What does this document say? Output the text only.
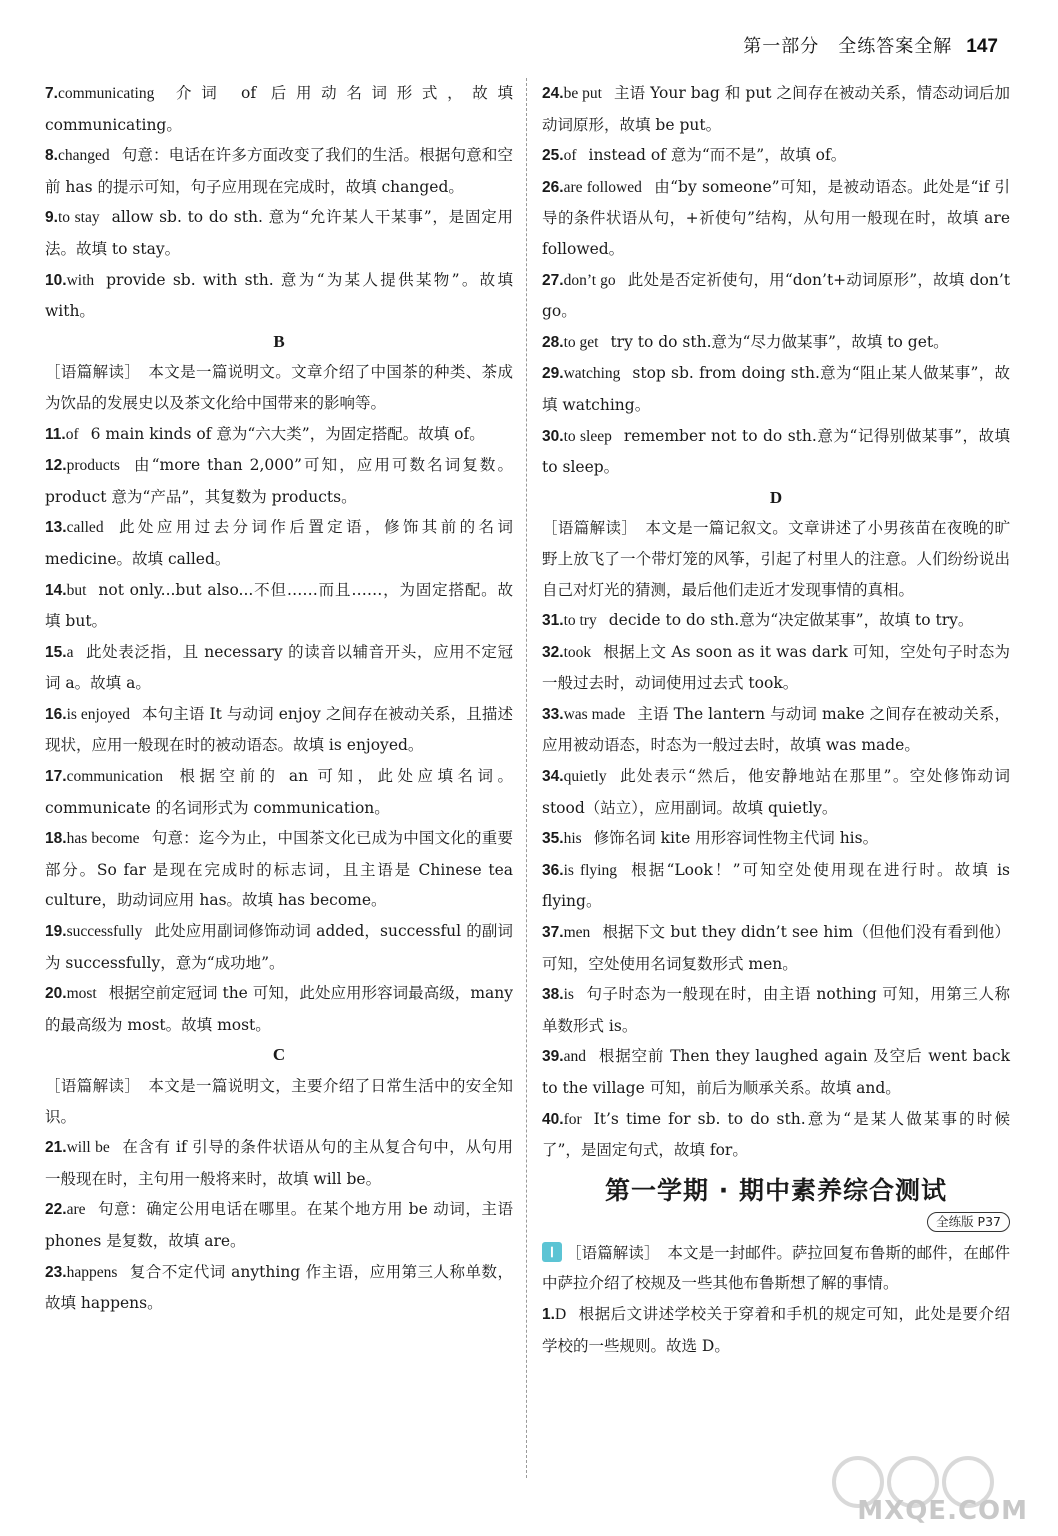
第一部分　全练答案全解 147
7.communicating 介词 of 后用动名词形式，故填 communicating。
8.changed 句意：电话在许多方面改变了我们的生活。根据句意和空前 has 的提示可知，句子应用现在完成时，故填 changed。
9.to stay allow sb. to do sth. 意为“允许某人干某事”，是固定用法。故填 to stay。
10.with provide sb. with sth. 意为“为某人提供某物”。故填 with。
B
［语篇解读］　 本文是一篇说明文。文章介绍了中国茶的种类、茶成为饮品的发展史以及茶文化给中国带来的影响等。
11.of 6 main kinds of 意为“六大类”，为固定搭配。故填 of。
12.products 由“more than 2,000”可知，应用可数名词复数。product 意为“产品”，其复数为 products。
13.called 此处应用过去分词作后置定语，修饰其前的名词 medicine。故填 called。
14.but not only...but also...不但……而且……，为固定搭配。故填 but。
15.a 此处表泛指，且 necessary 的读音以辅音开头，应用不定冠词 a。故填 a。
16.is enjoyed 本句主语 It 与动词 enjoy 之间存在被动关系，且描述现状，应用一般现在时的被动语态。故填 is enjoyed。
17.communication 根据空前的 an 可知，此处应填名词。communicate 的名词形式为 communication。
18.has become 句意：迄今为止，中国茶文化已成为中国文化的重要部分。So far 是现在完成时的标志词，且主语是 Chinese tea culture，助动词应用 has。故填 has become。
19.successfully 此处应用副词修饰动词 added，successful 的副词为 successfully，意为“成功地”。
20.most 根据空前定冠词 the 可知，此处应用形容词最高级，many 的最高级为 most。故填 most。
C
［语篇解读］　 本文是一篇说明文，主要介绍了日常生活中的安全知识。
21.will be 在含有 if 引导的条件状语从句的主从复合句中，从句用一般现在时，主句用一般将来时，故填 will be。
22.are 句意：确定公用电话在哪里。在某个地方用 be 动词，主语 phones 是复数，故填 are。
23.happens 复合不定代词 anything 作主语，应用第三人称单数，故填 happens。
24.be put 主语 Your bag 和 put 之间存在被动关系，情态动词后加动词原形，故填 be put。
25.of instead of 意为“而不是”，故填 of。
26.are followed 由“by someone”可知，是被动语态。此处是“if 引导的条件状语从句，+祈使句”结构，从句用一般现在时，故填 are followed。
27.don’t go 此处是否定祈使句，用“don’t+动词原形”，故填 don’t go。
28.to get try to do sth.意为“尽力做某事”，故填 to get。
29.watching stop sb. from doing sth.意为“阻止某人做某事”，故填 watching。
30.to sleep remember not to do sth.意为“记得别做某事”，故填 to sleep。
D
［语篇解读］　 本文是一篇记叙文。文章讲述了小男孩苗在夜晚的旷野上放飞了一个带灯笼的风筝，引起了村里人的注意。人们纷纷说出自己对灯光的猜测，最后他们走近才发现事情的真相。
31.to try decide to do sth.意为“决定做某事”，故填 to try。
32.took 根据上文 As soon as it was dark 可知，空处句子时态为一般过去时，动词使用过去式 took。
33.was made 主语 The lantern 与动词 make 之间存在被动关系，应用被动语态，时态为一般过去时，故填 was made。
34.quietly 此处表示“然后，他安静地站在那里”。空处修饰动词 stood（站立），应用副词。故填 quietly。
35.his 修饰名词 kite 用形容词性物主代词 his。
36.is flying 根据“Look！”可知空处使用现在进行时。故填 is flying。
37.men 根据下文 but they didn’t see him（但他们没有看到他）可知，空处使用名词复数形式 men。
38.is 句子时态为一般现在时，由主语 nothing 可知，用第三人称单数形式 is。
39.and 根据空前 Then they laughed again 及空后 went back to the village 可知，前后为顺承关系。故填 and。
40.for It’s time for sb. to do sth.意为“是某人做某事的时候了”，是固定句式，故填 for。
第一学期 · 期中素养综合测试
全练版 P37
Ⅰ ［语篇解读］　 本文是一封邮件。萨拉回复布鲁斯的邮件，在邮件中萨拉介绍了校规及一些其他布鲁斯想了解的事情。
1.D 根据后文讲述学校关于穿着和手机的规定可知，此处是要介绍学校的一些规则。故选 D。
MXQE.COM
